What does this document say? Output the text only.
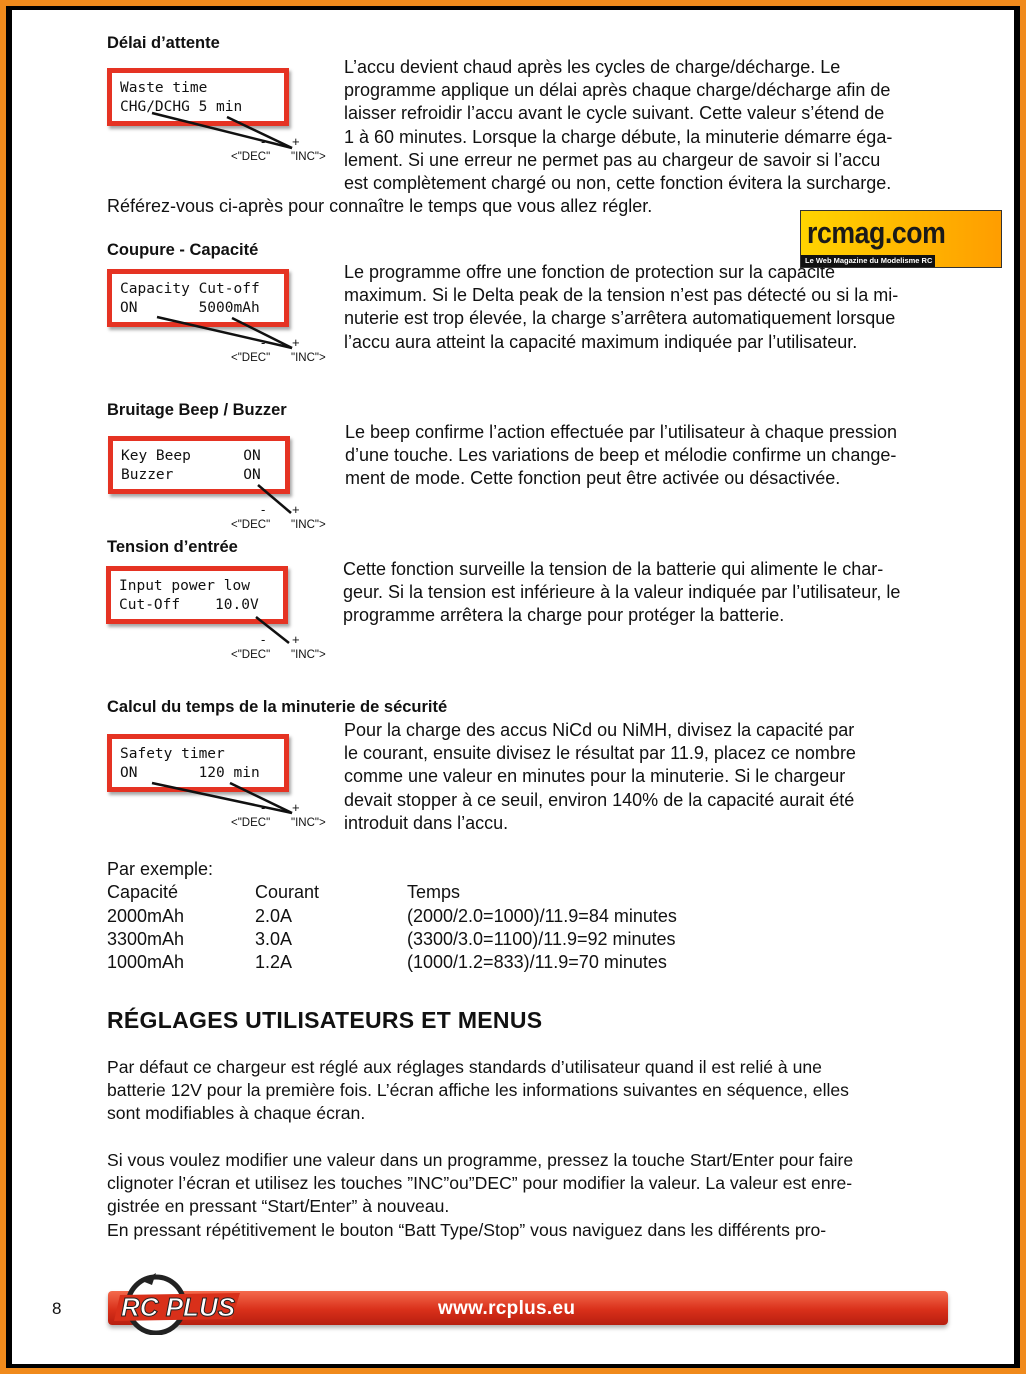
Délai d’attente
Waste time
CHG/DCHG 5 min
- +
<"DEC" "INC">
L’accu devient chaud après les cycles de charge/décharge. Le
programme applique un délai après chaque charge/décharge afin de
laisser refroidir l’accu avant le cycle suivant. Cette valeur s’étend de
1 à 60 minutes. Lorsque la charge débute, la minuterie démarre éga-
lement. Si une erreur ne permet pas au chargeur de savoir si l’accu
est complètement chargé ou non, cette fonction évitera la surcharge.
Référez-vous ci-après pour connaître le temps que vous allez régler.
rcmag.com
Le Web Magazine du Modelisme RC
Coupure - Capacité
Capacity Cut-off
ON       5000mAh
- +
<"DEC" "INC">
Le programme offre une fonction de protection sur la capacité
maximum. Si le Delta peak de la tension n’est pas détecté ou si la mi-
nuterie est trop élevée, la charge s’arrêtera automatiquement lorsque
l’accu aura atteint la capacité maximum indiquée par l’utilisateur.
Bruitage Beep / Buzzer
Key Beep      ON
Buzzer        ON
- +
<"DEC" "INC">
Le beep confirme l’action effectuée par l’utilisateur à chaque pression
d’une touche. Les variations de beep et mélodie confirme un change-
ment de mode. Cette fonction peut être activée ou désactivée.
Tension d’entrée
Input power low
Cut-Off    10.0V
- +
<"DEC" "INC">
Cette fonction surveille la tension de la batterie qui alimente le char-
geur. Si la tension est inférieure à la valeur indiquée par l’utilisateur, le
programme arrêtera la charge pour protéger la batterie.
Calcul du temps de la minuterie de sécurité
Safety timer
ON       120 min
- +
<"DEC" "INC">
Pour la charge des accus NiCd ou NiMH, divisez la capacité par
le courant, ensuite divisez le résultat par 11.9, placez ce nombre
comme une valeur en minutes pour la minuterie. Si le chargeur
devait stopper à ce seuil, environ 140% de la capacité aurait été
introduit dans l’accu.
Par exemple:
Capacité	Courant	Temps
2000mAh	2.0A	(2000/2.0=1000)/11.9=84 minutes
3300mAh	3.0A	(3300/3.0=1100)/11.9=92 minutes
1000mAh	1.2A	(1000/1.2=833)/11.9=70 minutes
RÉGLAGES UTILISATEURS ET MENUS
Par défaut ce chargeur est réglé aux réglages standards d’utilisateur quand il est relié à une
batterie 12V pour la première fois. L’écran affiche les informations suivantes en séquence, elles
sont modifiables à chaque écran.
Si vous voulez modifier une valeur dans un programme, pressez la touche Start/Enter pour faire
clignoter l’écran et utilisez les touches ”INC”ou”DEC” pour modifier la valeur. La valeur est enre-
gistrée en pressant “Start/Enter” à nouveau.
En pressant répétitivement le bouton “Batt Type/Stop” vous naviguez dans les différents pro-
8	www.rcplus.eu
RC PLUS
